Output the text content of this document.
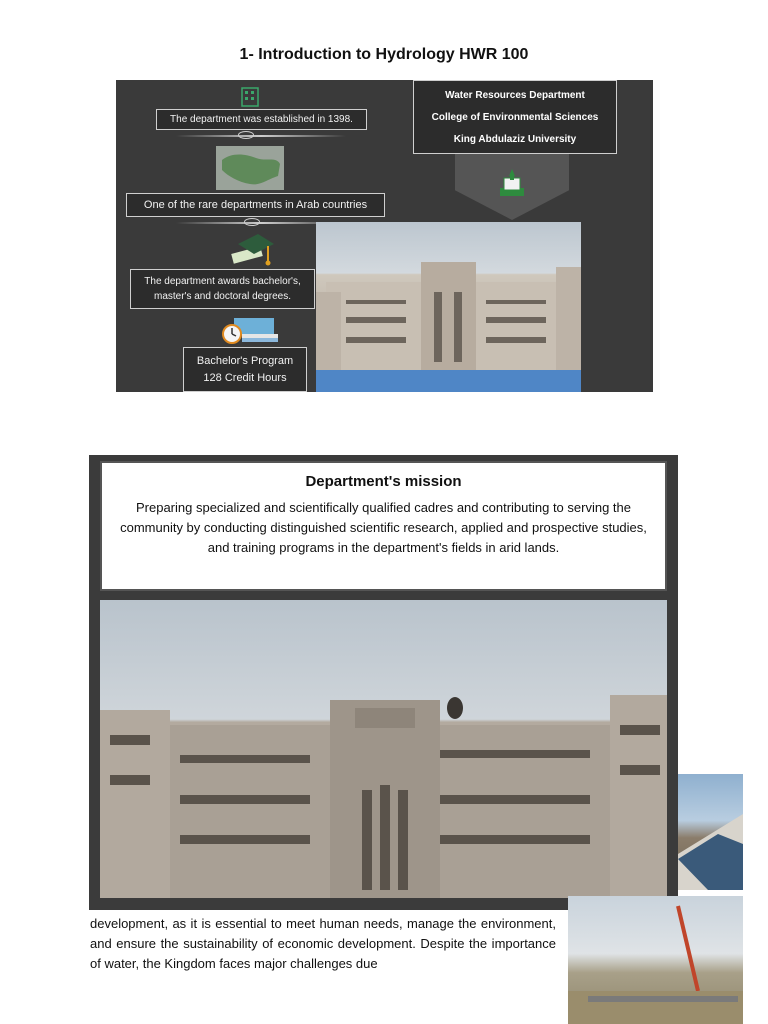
1- Introduction to Hydrology HWR 100
The department was established in 1398.
One of the rare departments in Arab countries
The department awards bachelor's, master's and doctoral degrees.
Bachelor's Program 128 Credit Hours
Water Resources Department
College of Environmental Sciences
King Abdulaziz University
Department's mission
Preparing specialized and scientifically qualified cadres and contributing to serving the community by conducting distinguished scientific research, applied and prospective studies, and training programs in the department's fields in arid lands.
development, as it is essential to meet human needs, manage the environment, and ensure the sustainability of economic development. Despite the importance of water, the Kingdom faces major challenges due
